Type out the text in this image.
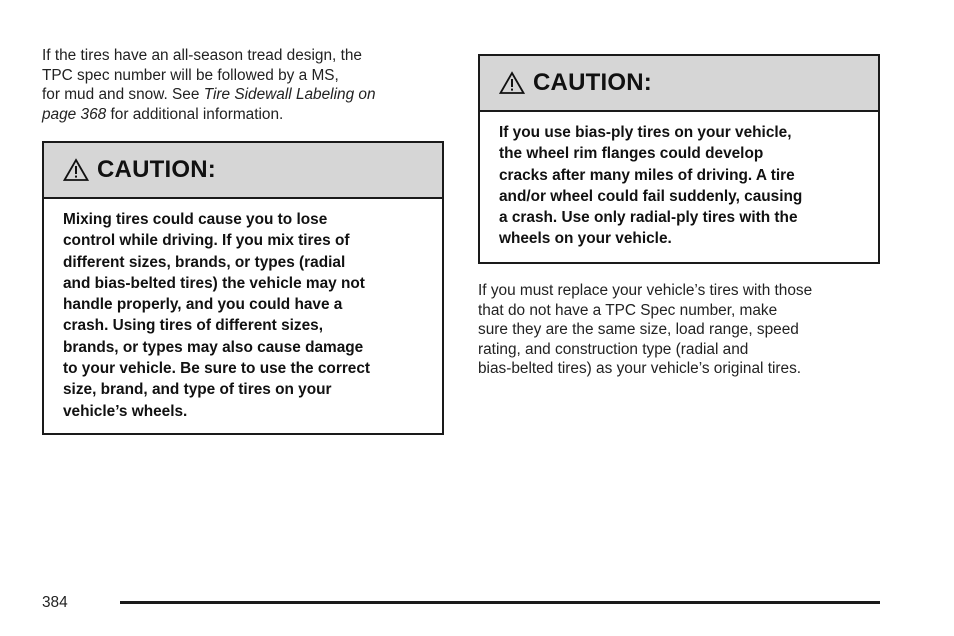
If the tires have an all-season tread design, the
TPC spec number will be followed by a MS,
for mud and snow. See Tire Sidewall Labeling on
page 368 for additional information.

CAUTION:

Mixing tires could cause you to lose
control while driving. If you mix tires of
different sizes, brands, or types (radial
and bias-belted tires) the vehicle may not
handle properly, and you could have a
crash. Using tires of different sizes,
brands, or types may also cause damage
to your vehicle. Be sure to use the correct
size, brand, and type of tires on your
vehicle’s wheels.

CAUTION:

If you use bias-ply tires on your vehicle,
the wheel rim flanges could develop
cracks after many miles of driving. A tire
and/or wheel could fail suddenly, causing
a crash. Use only radial-ply tires with the
wheels on your vehicle.

If you must replace your vehicle’s tires with those
that do not have a TPC Spec number, make
sure they are the same size, load range, speed
rating, and construction type (radial and
bias-belted tires) as your vehicle’s original tires.

384
